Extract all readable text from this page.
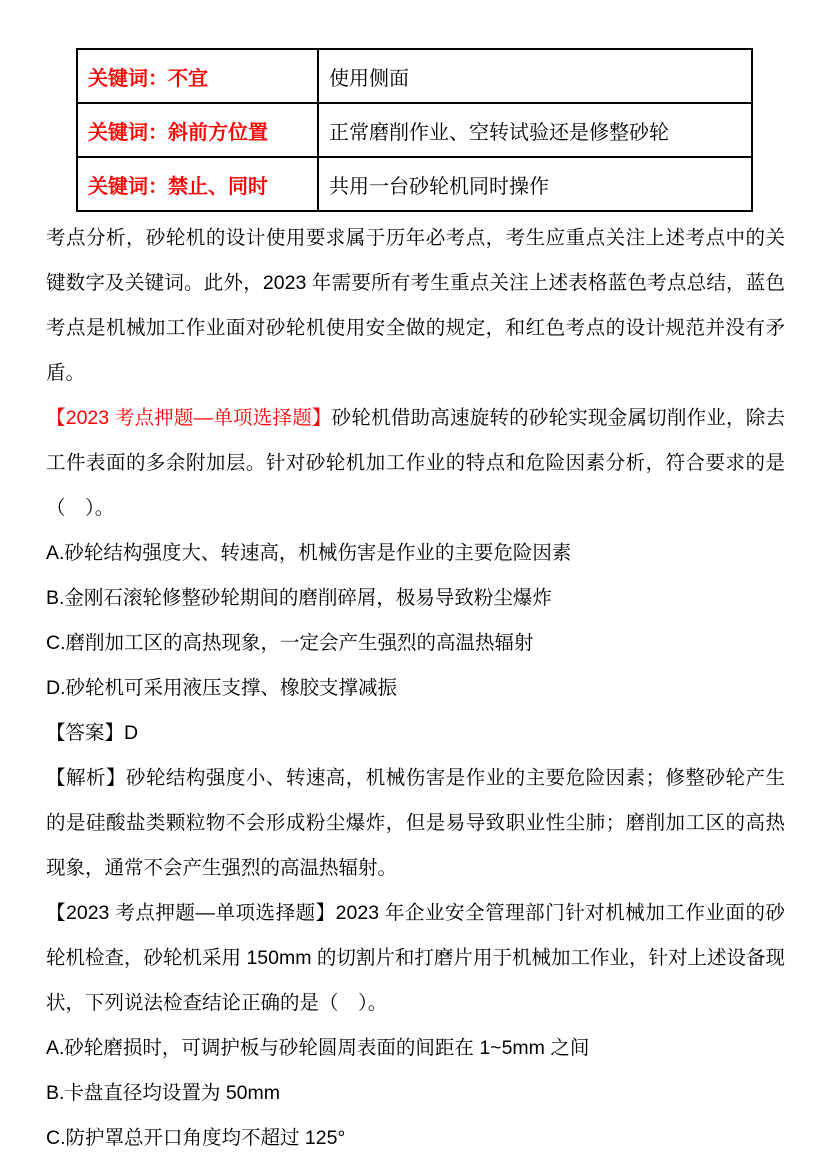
关键词：不宜	使用侧面
关键词：斜前方位置	正常磨削作业、空转试验还是修整砂轮
关键词：禁止、同时	共用一台砂轮机同时操作

考点分析，砂轮机的设计使用要求属于历年必考点，考生应重点关注上述考点中的关键数字及关键词。此外，2023 年需要所有考生重点关注上述表格蓝色考点总结，蓝色考点是机械加工作业面对砂轮机使用安全做的规定，和红色考点的设计规范并没有矛盾。

【2023 考点押题—单项选择题】砂轮机借助高速旋转的砂轮实现金属切削作业，除去工件表面的多余附加层。针对砂轮机加工作业的特点和危险因素分析，符合要求的是（　）。

A.砂轮结构强度大、转速高，机械伤害是作业的主要危险因素

B.金刚石滚轮修整砂轮期间的磨削碎屑，极易导致粉尘爆炸

C.磨削加工区的高热现象，一定会产生强烈的高温热辐射

D.砂轮机可采用液压支撑、橡胶支撑减振

【答案】D

【解析】砂轮结构强度小、转速高，机械伤害是作业的主要危险因素；修整砂轮产生的是硅酸盐类颗粒物不会形成粉尘爆炸，但是易导致职业性尘肺；磨削加工区的高热现象，通常不会产生强烈的高温热辐射。

【2023 考点押题—单项选择题】2023 年企业安全管理部门针对机械加工作业面的砂轮机检查，砂轮机采用 150mm 的切割片和打磨片用于机械加工作业，针对上述设备现状，下列说法检查结论正确的是（　）。

A.砂轮磨损时，可调护板与砂轮圆周表面的间距在 1~5mm 之间

B.卡盘直径均设置为 50mm

C.防护罩总开口角度均不超过 125°
